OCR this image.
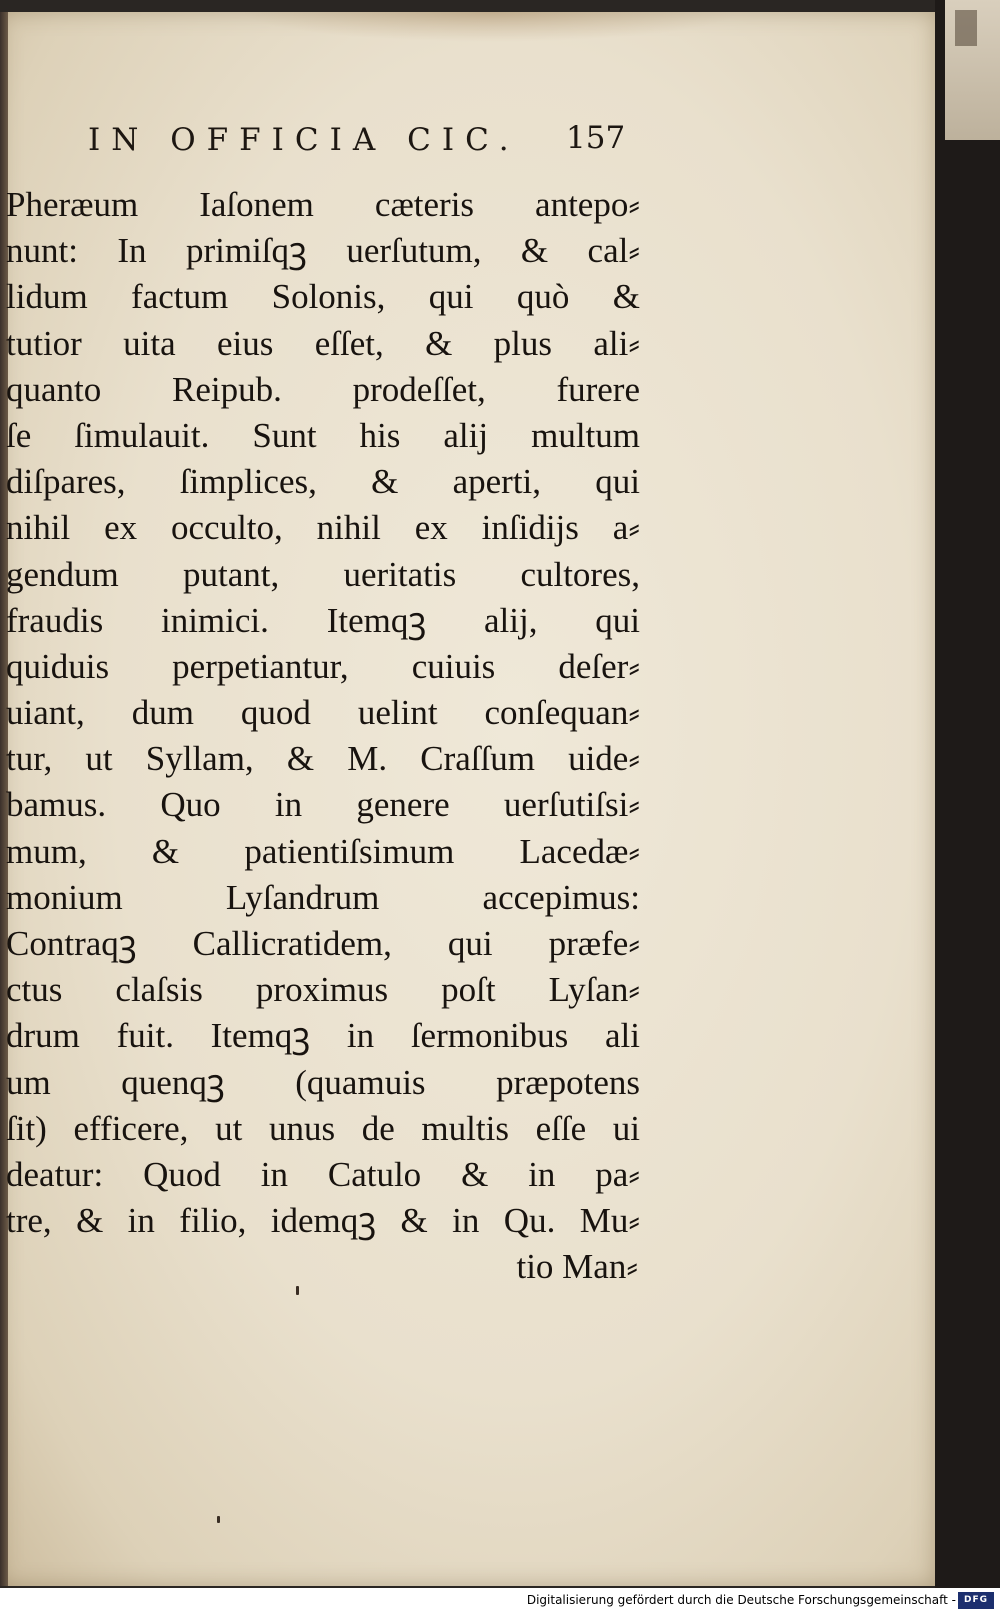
IN OFFICIA CIC. 157
Pheræum Iaſonem cæteris antepo⸗
nunt: In primiſqꝫ uerſutum, & cal⸗
lidum factum Solonis, qui quò &
tutior uita eius eſſet, & plus ali⸗
quanto Reipub. prodeſſet, furere
ſe ſimulauit. Sunt his alij multum
diſpares, ſimplices, & aperti, qui
nihil ex occulto, nihil ex inſidijs a⸗
gendum putant, ueritatis cultores,
fraudis inimici. Itemqꝫ alij, qui
quiduis perpetiantur, cuiuis deſer⸗
uiant, dum quod uelint conſequan⸗
tur, ut Syllam, & M. Craſſum uide⸗
bamus. Quo in genere uerſutiſsi⸗
mum, & patientiſsimum Lacedæ⸗
monium Lyſandrum accepimus:
Contraqꝫ Callicratidem, qui præfe⸗
ctus claſsis proximus poſt Lyſan⸗
drum fuit. Itemqꝫ in ſermonibus ali
um quenqꝫ (quamuis præpotens
ſit) efficere, ut unus de multis eſſe ui
deatur: Quod in Catulo & in pa⸗
tre, & in filio, idemqꝫ & in Qu. Mu⸗
tio Man⸗
Digitalisierung gefördert durch die Deutsche Forschungsgemeinschaft - DFG
